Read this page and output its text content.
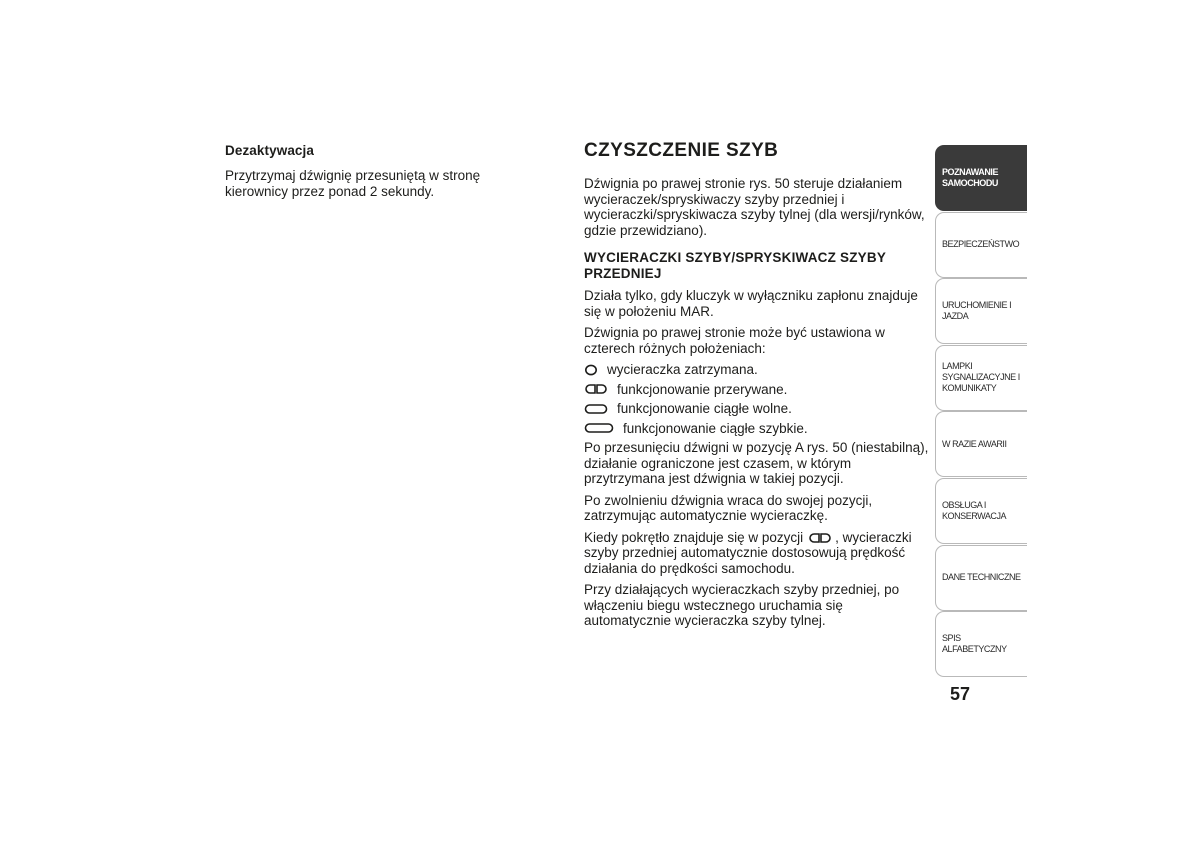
Dezaktywacja

Przytrzymaj dźwignię przesuniętą w stronę kierownicy przez ponad 2 sekundy.

CZYSZCZENIE SZYB

Dźwignia po prawej stronie rys. 50 steruje działaniem wycieraczek/spryskiwaczy szyby przedniej i wycieraczki/spryskiwacza szyby tylnej (dla wersji/rynków, gdzie przewidziano).

WYCIERACZKI SZYBY/SPRYSKIWACZ SZYBY PRZEDNIEJ

Działa tylko, gdy kluczyk w wyłączniku zapłonu znajduje się w położeniu MAR.

Dźwignia po prawej stronie może być ustawiona w czterech różnych położeniach:

wycieraczka zatrzymana.
funkcjonowanie przerywane.
funkcjonowanie ciągłe wolne.
funkcjonowanie ciągłe szybkie.

Po przesunięciu dźwigni w pozycję A rys. 50 (niestabilną), działanie ograniczone jest czasem, w którym przytrzymana jest dźwignia w takiej pozycji.

Po zwolnieniu dźwignia wraca do swojej pozycji, zatrzymując automatycznie wycieraczkę.

Kiedy pokrętło znajduje się w pozycji , wycieraczki szyby przedniej automatycznie dostosowują prędkość działania do prędkości samochodu.

Przy działających wycieraczkach szyby przedniej, po włączeniu biegu wstecznego uruchamia się automatycznie wycieraczka szyby tylnej.

POZNAWANIE SAMOCHODU
BEZPIECZEŃSTWO
URUCHOMIENIE I JAZDA
LAMPKI SYGNALIZACYJNE I KOMUNIKATY
W RAZIE AWARII
OBSŁUGA I KONSERWACJA
DANE TECHNICZNE
SPIS ALFABETYCZNY
57
